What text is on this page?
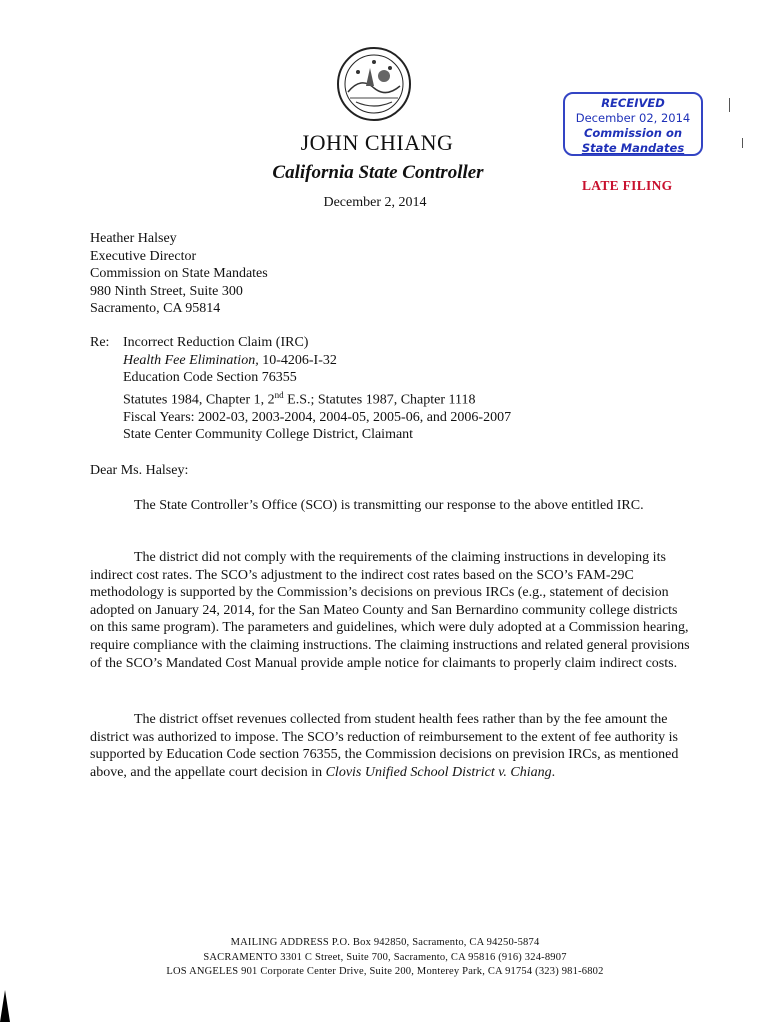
JOHN CHIANG
California State Controller
December 2, 2014
RECEIVED
December 02, 2014
Commission on
State Mandates
LATE FILING
Heather Halsey
Executive Director
Commission on State Mandates
980 Ninth Street, Suite 300
Sacramento, CA 95814
Re: Incorrect Reduction Claim (IRC)
Health Fee Elimination, 10-4206-I-32
Education Code Section 76355
Statutes 1984, Chapter 1, 2nd E.S.; Statutes 1987, Chapter 1118
Fiscal Years: 2002-03, 2003-2004, 2004-05, 2005-06, and 2006-2007
State Center Community College District, Claimant
Dear Ms. Halsey:
The State Controller’s Office (SCO) is transmitting our response to the above entitled IRC.
The district did not comply with the requirements of the claiming instructions in developing its indirect cost rates. The SCO’s adjustment to the indirect cost rates based on the SCO’s FAM-29C methodology is supported by the Commission’s decisions on previous IRCs (e.g., statement of decision adopted on January 24, 2014, for the San Mateo County and San Bernardino community college districts on this same program). The parameters and guidelines, which were duly adopted at a Commission hearing, require compliance with the claiming instructions. The claiming instructions and related general provisions of the SCO’s Mandated Cost Manual provide ample notice for claimants to properly claim indirect costs.
The district offset revenues collected from student health fees rather than by the fee amount the district was authorized to impose. The SCO’s reduction of reimbursement to the extent of fee authority is supported by Education Code section 76355, the Commission decisions on prevision IRCs, as mentioned above, and the appellate court decision in Clovis Unified School District v. Chiang.
MAILING ADDRESS P.O. Box 942850, Sacramento, CA 94250-5874
SACRAMENTO 3301 C Street, Suite 700, Sacramento, CA 95816 (916) 324-8907
LOS ANGELES 901 Corporate Center Drive, Suite 200, Monterey Park, CA 91754 (323) 981-6802
